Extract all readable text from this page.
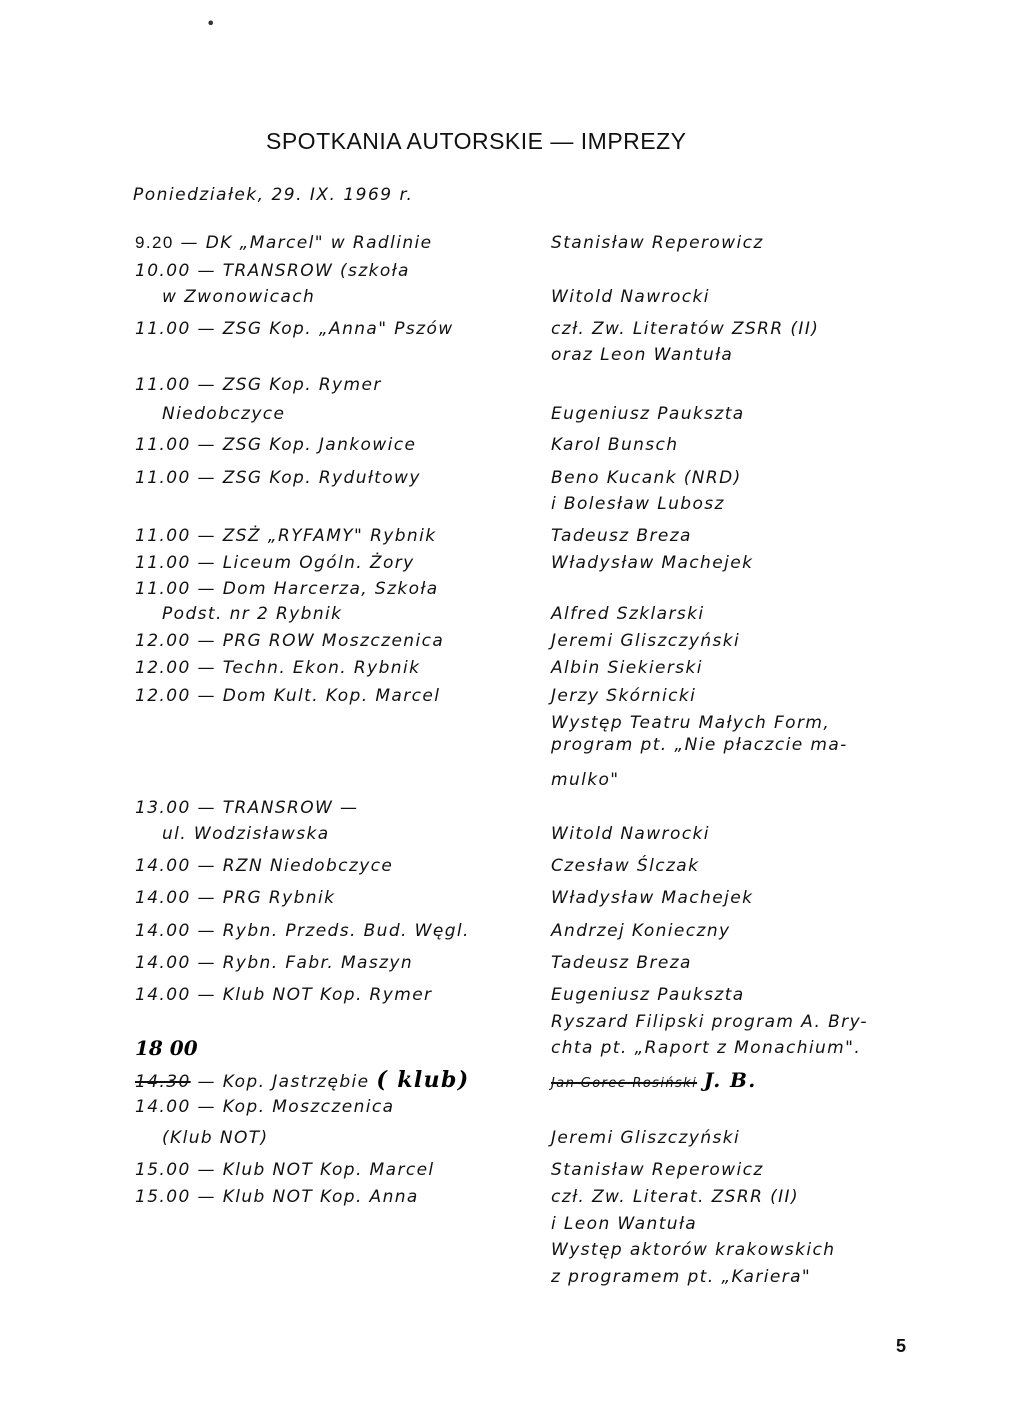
•
SPOTKANIA AUTORSKIE — IMPREZY
Poniedziałek, 29. IX. 1969 r.
9.20 — DK „Marcel" w Radlinie
10.00 — TRANSROW (szkoła
w Zwonowicach
11.00 — ZSG Kop. „Anna" Pszów
11.00 — ZSG Kop. Rymer
Niedobczyce
11.00 — ZSG Kop. Jankowice
11.00 — ZSG Kop. Rydułtowy
11.00 — ZSŻ „RYFAMY" Rybnik
11.00 — Liceum Ogóln. Żory
11.00 — Dom Harcerza, Szkoła
Podst. nr 2 Rybnik
12.00 — PRG ROW Moszczenica
12.00 — Techn. Ekon. Rybnik
12.00 — Dom Kult. Kop. Marcel
13.00 — TRANSROW —
ul. Wodzisławska
14.00 — RZN Niedobczyce
14.00 — PRG Rybnik
14.00 — Rybn. Przeds. Bud. Węgl.
14.00 — Rybn. Fabr. Maszyn
14.00 — Klub NOT Kop. Rymer
18 00
14.30 — Kop. Jastrzębie ( klub)
14.00 — Kop. Moszczenica
(Klub NOT)
15.00 — Klub NOT Kop. Marcel
15.00 — Klub NOT Kop. Anna
Stanisław Reperowicz
Witold Nawrocki
czł. Zw. Literatów ZSRR (II)
oraz Leon Wantuła
Eugeniusz Paukszta
Karol Bunsch
Beno Kucank (NRD)
i Bolesław Lubosz
Tadeusz Breza
Władysław Machejek
Alfred Szklarski
Jeremi Gliszczyński
Albin Siekierski
Jerzy Skórnicki
Występ Teatru Małych Form,
program pt. „Nie płaczcie ma-
mulko"
Witold Nawrocki
Czesław Ślczak
Władysław Machejek
Andrzej Konieczny
Tadeusz Breza
Eugeniusz Paukszta
Ryszard Filipski program A. Bry-
chta pt. „Raport z Monachium".
Jan Gorec-Rosiński J. B.
Jeremi Gliszczyński
Stanisław Reperowicz
czł. Zw. Literat. ZSRR (II)
i Leon Wantuła
Występ aktorów krakowskich
z programem pt. „Kariera"
5
